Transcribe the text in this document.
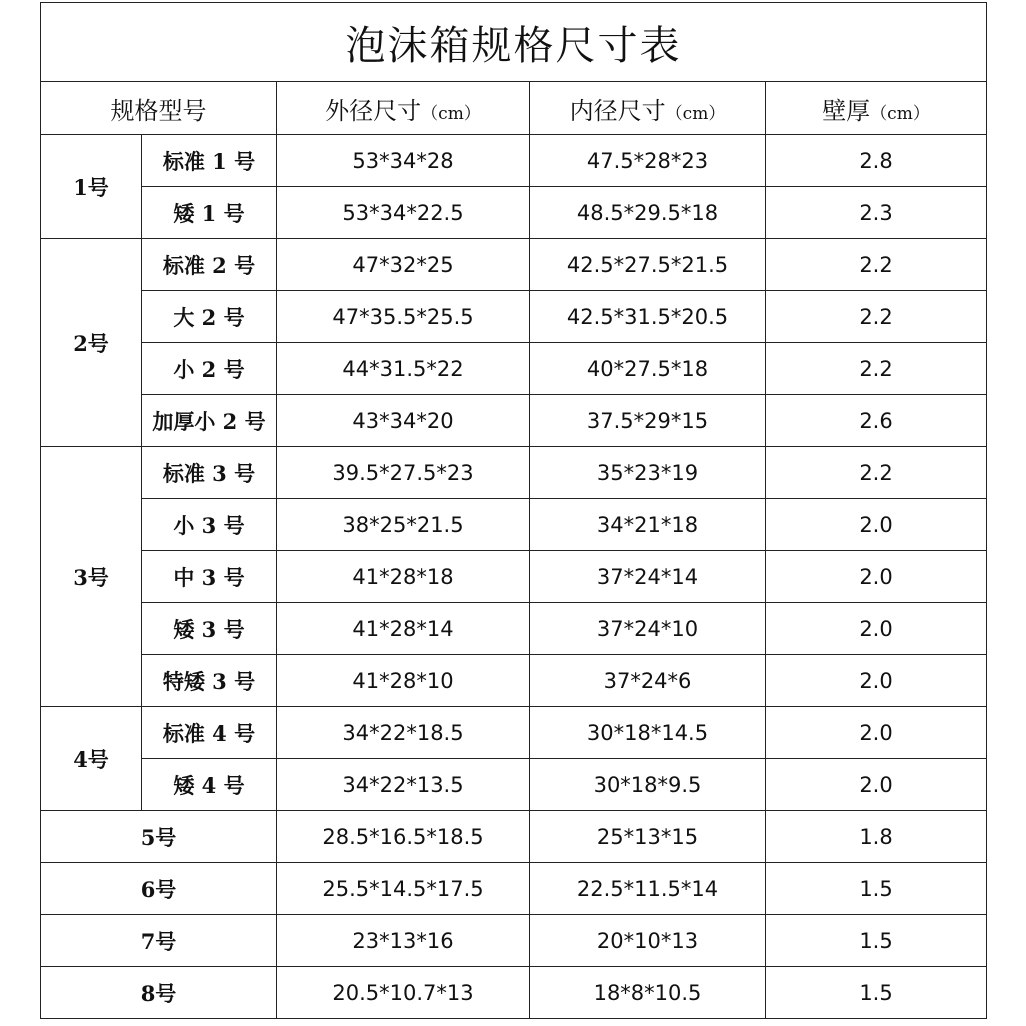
泡沫箱规格尺寸表				
规格型号		外径尺寸（cm）	内径尺寸（cm）	壁厚（cm）
1号	标准 1 号	53*34*28	47.5*28*23	2.8
	矮 1 号	53*34*22.5	48.5*29.5*18	2.3
2号	标准 2 号	47*32*25	42.5*27.5*21.5	2.2
	大 2 号	47*35.5*25.5	42.5*31.5*20.5	2.2
	小 2 号	44*31.5*22	40*27.5*18	2.2
	加厚小 2 号	43*34*20	37.5*29*15	2.6
3号	标准 3 号	39.5*27.5*23	35*23*19	2.2
	小 3 号	38*25*21.5	34*21*18	2.0
	中 3 号	41*28*18	37*24*14	2.0
	矮 3 号	41*28*14	37*24*10	2.0
	特矮 3 号	41*28*10	37*24*6	2.0
4号	标准 4 号	34*22*18.5	30*18*14.5	2.0
	矮 4 号	34*22*13.5	30*18*9.5	2.0
5号		28.5*16.5*18.5	25*13*15	1.8
6号		25.5*14.5*17.5	22.5*11.5*14	1.5
7号		23*13*16	20*10*13	1.5
8号		20.5*10.7*13	18*8*10.5	1.5
